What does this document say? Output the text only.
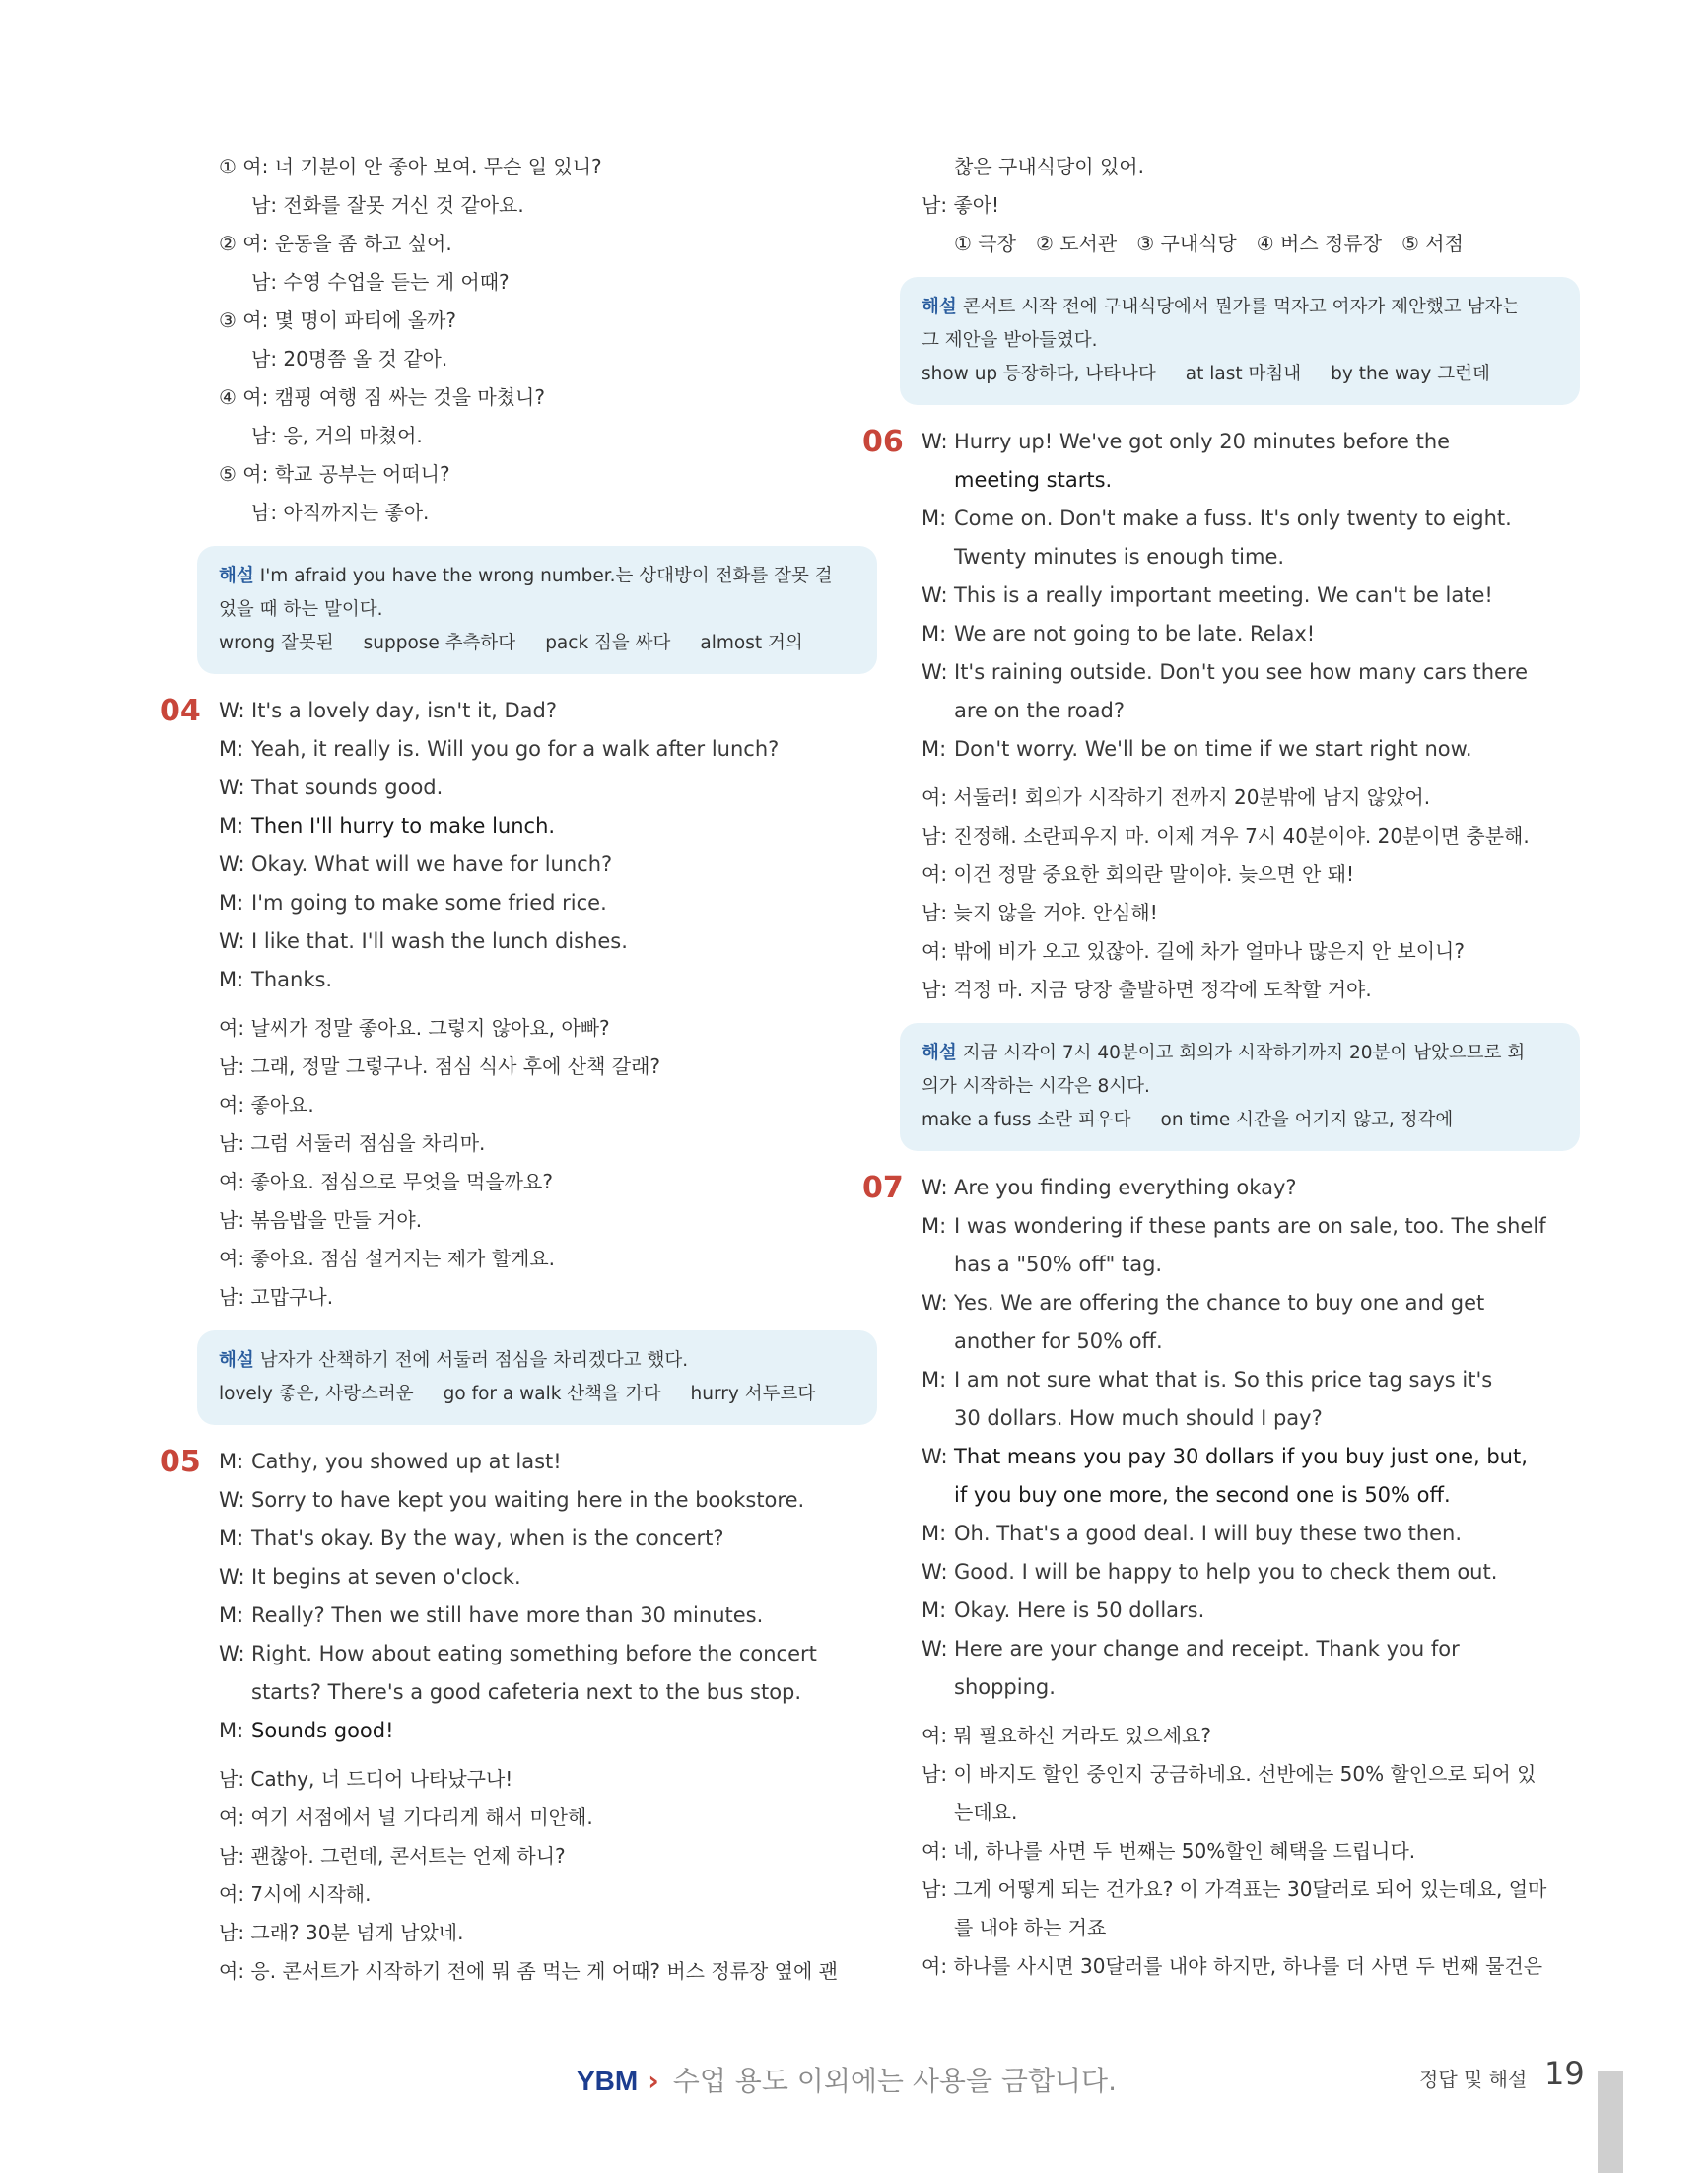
① 여: 너 기분이 안 좋아 보여. 무슨 일 있니?
남: 전화를 잘못 거신 것 같아요.
② 여: 운동을 좀 하고 싶어.
남: 수영 수업을 듣는 게 어때?
③ 여: 몇 명이 파티에 올까?
남: 20명쯤 올 것 같아.
④ 여: 캠핑 여행 짐 싸는 것을 마쳤니?
남: 응, 거의 마쳤어.
⑤ 여: 학교 공부는 어떠니?
남: 아직까지는 좋아.
해설 I'm afraid you have the wrong number.는 상대방이 전화를 잘못 걸
었을 때 하는 말이다.
wrong 잘못된 suppose 추측하다 pack 짐을 싸다 almost 거의
04 W: It's a lovely day, isn't it, Dad?
M: Yeah, it really is. Will you go for a walk after lunch?
W: That sounds good.
M: Then I'll hurry to make lunch.
W: Okay. What will we have for lunch?
M: I'm going to make some fried rice.
W: I like that. I'll wash the lunch dishes.
M: Thanks.
여: 날씨가 정말 좋아요. 그렇지 않아요, 아빠?
남: 그래, 정말 그렇구나. 점심 식사 후에 산책 갈래?
여: 좋아요.
남: 그럼 서둘러 점심을 차리마.
여: 좋아요. 점심으로 무엇을 먹을까요?
남: 볶음밥을 만들 거야.
여: 좋아요. 점심 설거지는 제가 할게요.
남: 고맙구나.
해설 남자가 산책하기 전에 서둘러 점심을 차리겠다고 했다.
lovely 좋은, 사랑스러운 go for a walk 산책을 가다 hurry 서두르다
05 M: Cathy, you showed up at last!
W: Sorry to have kept you waiting here in the bookstore.
M: That's okay. By the way, when is the concert?
W: It begins at seven o'clock.
M: Really? Then we still have more than 30 minutes.
W: Right. How about eating something before the concert
starts? There's a good cafeteria next to the bus stop.
M: Sounds good!
남: Cathy, 너 드디어 나타났구나!
여: 여기 서점에서 널 기다리게 해서 미안해.
남: 괜찮아. 그런데, 콘서트는 언제 하니?
여: 7시에 시작해.
남: 그래? 30분 넘게 남았네.
여: 응. 콘서트가 시작하기 전에 뭐 좀 먹는 게 어때? 버스 정류장 옆에 괜
찮은 구내식당이 있어.
남: 좋아!
① 극장 ② 도서관 ③ 구내식당 ④ 버스 정류장 ⑤ 서점
해설 콘서트 시작 전에 구내식당에서 뭔가를 먹자고 여자가 제안했고 남자는
그 제안을 받아들였다.
show up 등장하다, 나타나다 at last 마침내 by the way 그런데
06 W: Hurry up! We've got only 20 minutes before the
meeting starts.
M: Come on. Don't make a fuss. It's only twenty to eight.
Twenty minutes is enough time.
W: This is a really important meeting. We can't be late!
M: We are not going to be late. Relax!
W: It's raining outside. Don't you see how many cars there
are on the road?
M: Don't worry. We'll be on time if we start right now.
여: 서둘러! 회의가 시작하기 전까지 20분밖에 남지 않았어.
남: 진정해. 소란피우지 마. 이제 겨우 7시 40분이야. 20분이면 충분해.
여: 이건 정말 중요한 회의란 말이야. 늦으면 안 돼!
남: 늦지 않을 거야. 안심해!
여: 밖에 비가 오고 있잖아. 길에 차가 얼마나 많은지 안 보이니?
남: 걱정 마. 지금 당장 출발하면 정각에 도착할 거야.
해설 지금 시각이 7시 40분이고 회의가 시작하기까지 20분이 남았으므로 회
의가 시작하는 시각은 8시다.
make a fuss 소란 피우다 on time 시간을 어기지 않고, 정각에
07 W: Are you finding everything okay?
M: I was wondering if these pants are on sale, too. The shelf
has a "50% off" tag.
W: Yes. We are offering the chance to buy one and get
another for 50% off.
M: I am not sure what that is. So this price tag says it's
30 dollars. How much should I pay?
W: That means you pay 30 dollars if you buy just one, but,
if you buy one more, the second one is 50% off.
M: Oh. That's a good deal. I will buy these two then.
W: Good. I will be happy to help you to check them out.
M: Okay. Here is 50 dollars.
W: Here are your change and receipt. Thank you for
shopping.
여: 뭐 필요하신 거라도 있으세요?
남: 이 바지도 할인 중인지 궁금하네요. 선반에는 50% 할인으로 되어 있
는데요.
여: 네, 하나를 사면 두 번째는 50%할인 혜택을 드립니다.
남: 그게 어떻게 되는 건가요? 이 가격표는 30달러로 되어 있는데요, 얼마
를 내야 하는 거죠
여: 하나를 사시면 30달러를 내야 하지만, 하나를 더 사면 두 번째 물건은
YBM › 수업 용도 이외에는 사용을 금합니다.	정답 및 해설 19
